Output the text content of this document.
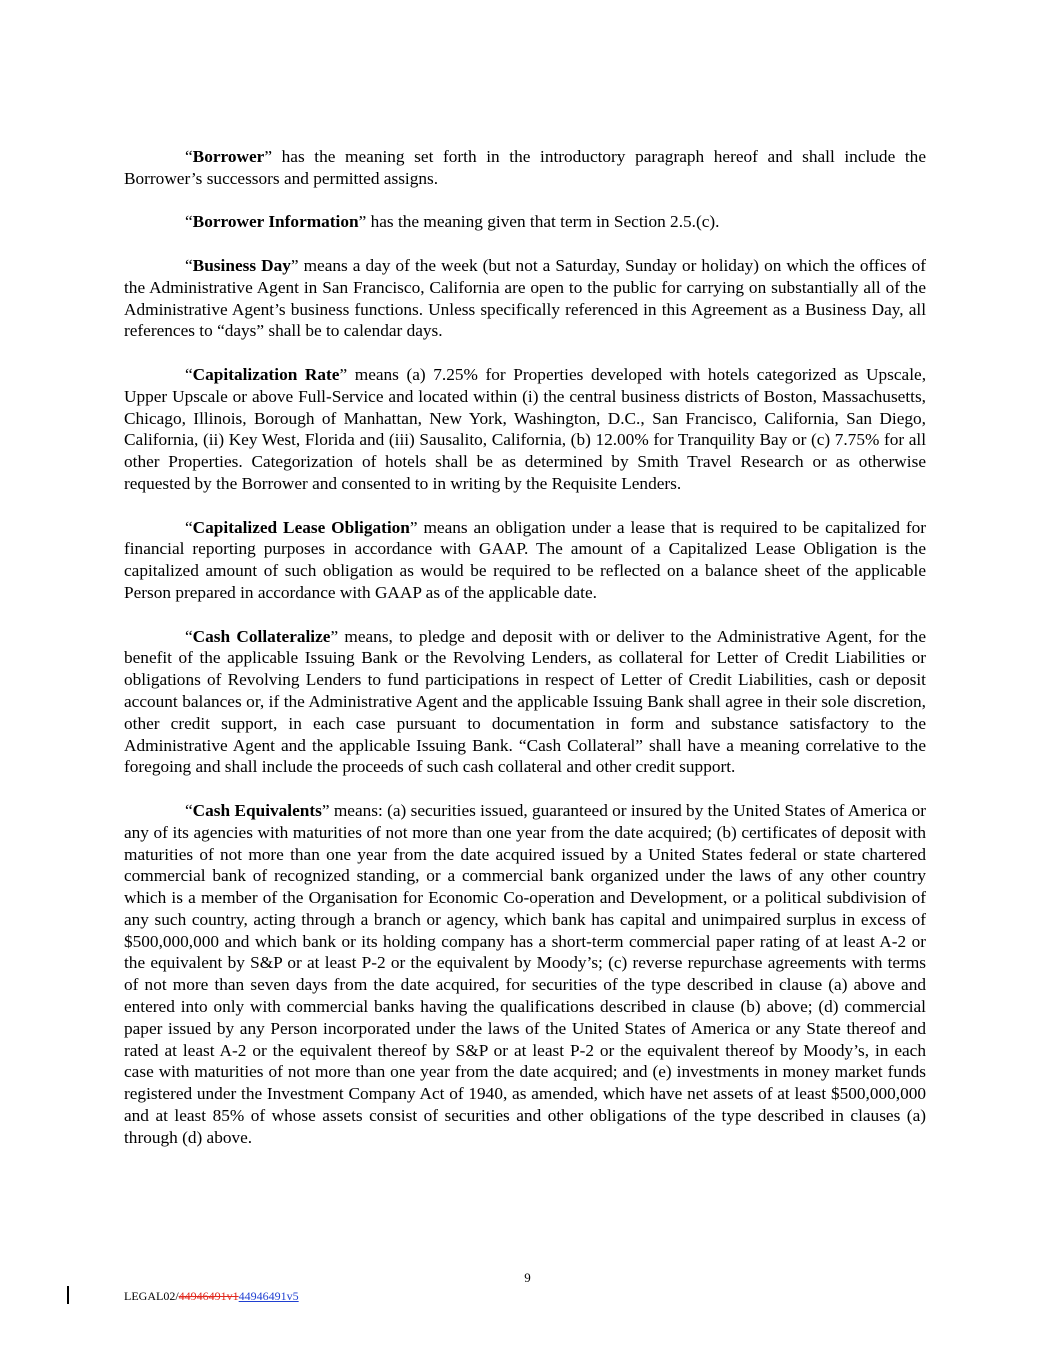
“Borrower” has the meaning set forth in the introductory paragraph hereof and shall include the Borrower’s successors and permitted assigns.

“Borrower Information” has the meaning given that term in Section 2.5.(c).

“Business Day” means a day of the week (but not a Saturday, Sunday or holiday) on which the offices of the Administrative Agent in San Francisco, California are open to the public for carrying on substantially all of the Administrative Agent’s business functions. Unless specifically referenced in this Agreement as a Business Day, all references to “days” shall be to calendar days.

“Capitalization Rate” means (a) 7.25% for Properties developed with hotels categorized as Upscale, Upper Upscale or above Full-Service and located within (i) the central business districts of Boston, Massachusetts, Chicago, Illinois, Borough of Manhattan, New York, Washington, D.C., San Francisco, California, San Diego, California, (ii) Key West, Florida and (iii) Sausalito, California, (b) 12.00% for Tranquility Bay or (c) 7.75% for all other Properties. Categorization of hotels shall be as determined by Smith Travel Research or as otherwise requested by the Borrower and consented to in writing by the Requisite Lenders.

“Capitalized Lease Obligation” means an obligation under a lease that is required to be capitalized for financial reporting purposes in accordance with GAAP. The amount of a Capitalized Lease Obligation is the capitalized amount of such obligation as would be required to be reflected on a balance sheet of the applicable Person prepared in accordance with GAAP as of the applicable date.

“Cash Collateralize” means, to pledge and deposit with or deliver to the Administrative Agent, for the benefit of the applicable Issuing Bank or the Revolving Lenders, as collateral for Letter of Credit Liabilities or obligations of Revolving Lenders to fund participations in respect of Letter of Credit Liabilities, cash or deposit account balances or, if the Administrative Agent and the applicable Issuing Bank shall agree in their sole discretion, other credit support, in each case pursuant to documentation in form and substance satisfactory to the Administrative Agent and the applicable Issuing Bank. “Cash Collateral” shall have a meaning correlative to the foregoing and shall include the proceeds of such cash collateral and other credit support.

“Cash Equivalents” means: (a) securities issued, guaranteed or insured by the United States of America or any of its agencies with maturities of not more than one year from the date acquired; (b) certificates of deposit with maturities of not more than one year from the date acquired issued by a United States federal or state chartered commercial bank of recognized standing, or a commercial bank organized under the laws of any other country which is a member of the Organisation for Economic Co-operation and Development, or a political subdivision of any such country, acting through a branch or agency, which bank has capital and unimpaired surplus in excess of $500,000,000 and which bank or its holding company has a short-term commercial paper rating of at least A-2 or the equivalent by S&P or at least P-2 or the equivalent by Moody’s; (c) reverse repurchase agreements with terms of not more than seven days from the date acquired, for securities of the type described in clause (a) above and entered into only with commercial banks having the qualifications described in clause (b) above; (d) commercial paper issued by any Person incorporated under the laws of the United States of America or any State thereof and rated at least A-2 or the equivalent thereof by S&P or at least P-2 or the equivalent thereof by Moody’s, in each case with maturities of not more than one year from the date acquired; and (e) investments in money market funds registered under the Investment Company Act of 1940, as amended, which have net assets of at least $500,000,000 and at least 85% of whose assets consist of securities and other obligations of the type described in clauses (a) through (d) above.

9
LEGAL02/44946491v144946491v5
